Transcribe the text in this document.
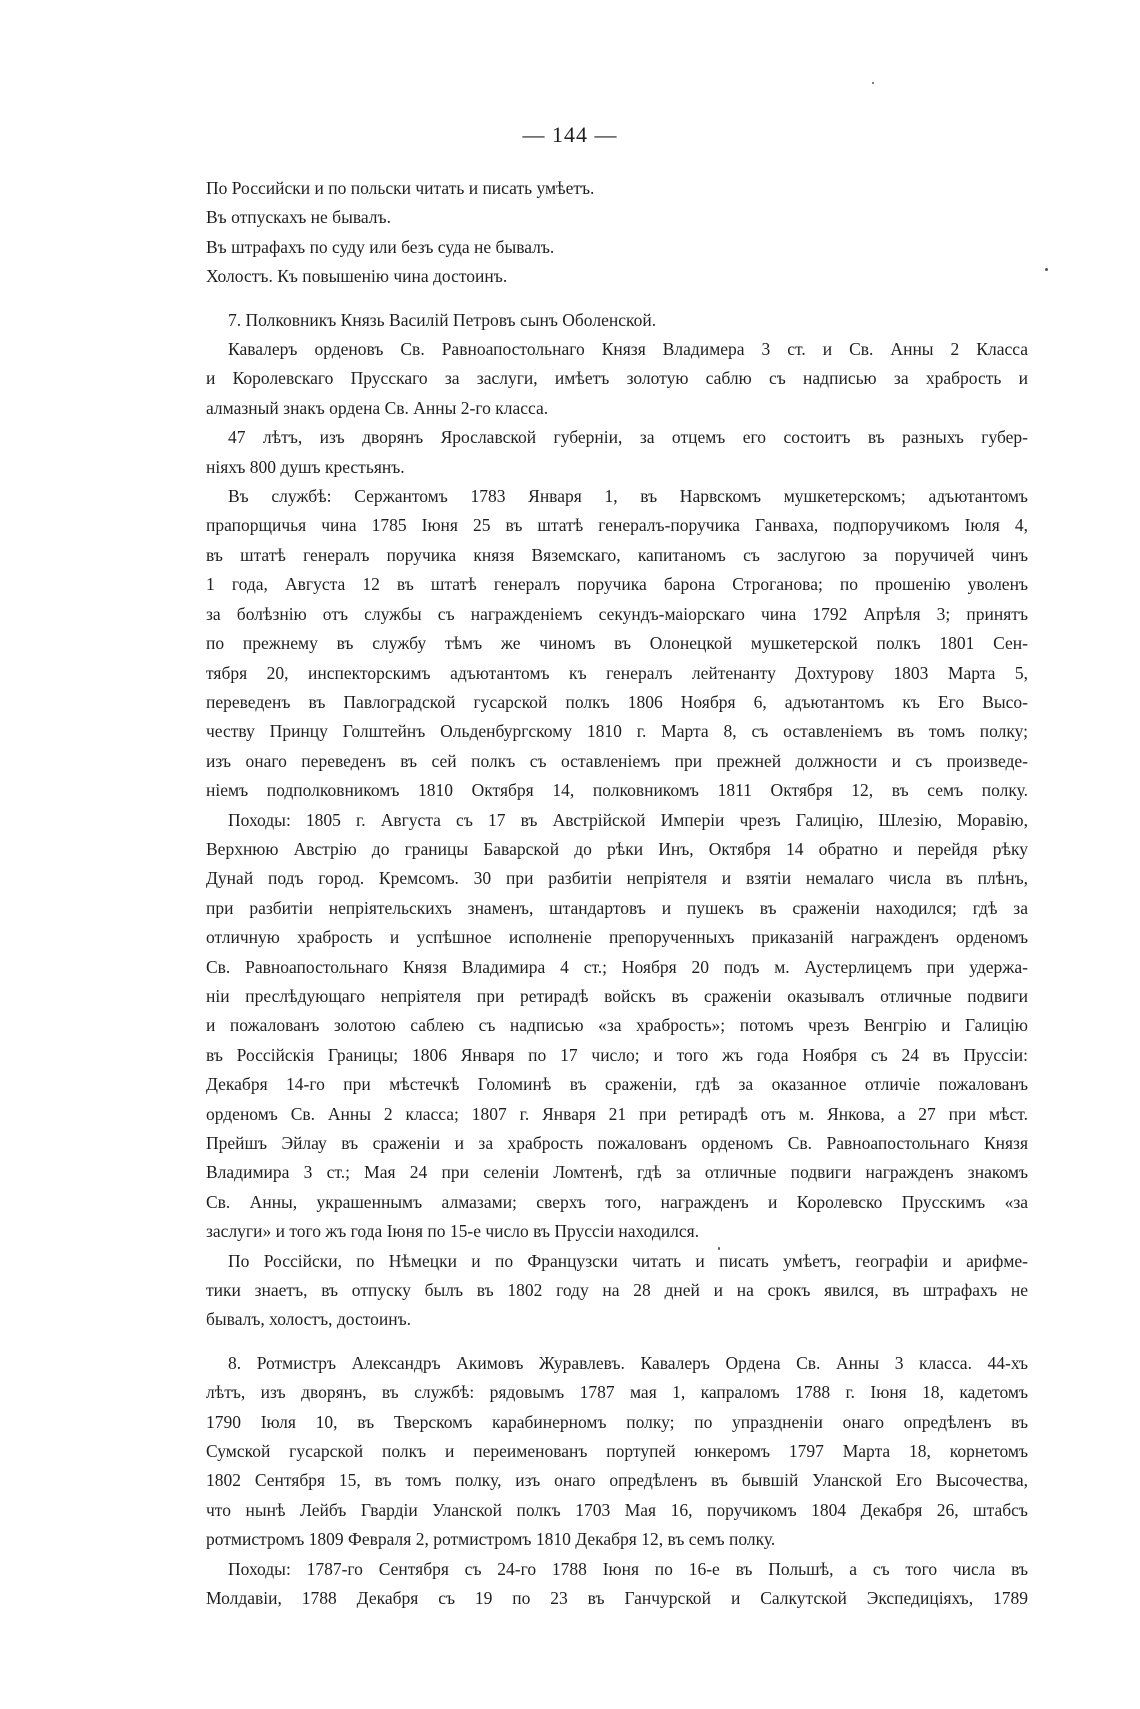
— 144 —
По Российски и по польски читать и писать умѣетъ.
Въ отпускахъ не бывалъ.
Въ штрафахъ по суду или безъ суда не бывалъ.
Холостъ. Къ повышенію чина достоинъ.
7. Полковникъ Князь Василій Петровъ сынъ Оболенской.
Кавалеръ орденовъ Св. Равноапостольнаго Князя Владимера 3 ст. и Св. Анны 2 Класса
и Королевскаго Прусскаго за заслуги, имѣетъ золотую саблю съ надписью за храбрость и
алмазный знакъ ордена Св. Анны 2-го класса.
47 лѣтъ, изъ дворянъ Ярославской губерніи, за отцемъ его состоитъ въ разныхъ губер-
ніяхъ 800 душъ крестьянъ.
Въ службѣ: Сержантомъ 1783 Января 1, въ Нарвскомъ мушкетерскомъ; адъютантомъ
прапорщичья чина 1785 Іюня 25 въ штатѣ генералъ-поручика Ганваха, подпоручикомъ Іюля 4,
въ штатѣ генералъ поручика князя Вяземскаго, капитаномъ съ заслугою за поручичей чинъ
1 года, Августа 12 въ штатѣ генералъ поручика барона Строганова; по прошенію уволенъ
за болѣзнію отъ службы съ награжденіемъ секундъ-маіорскаго чина 1792 Апрѣля 3; принятъ
по прежнему въ службу тѣмъ же чиномъ въ Олонецкой мушкетерской полкъ 1801 Сен-
тября 20, инспекторскимъ адъютантомъ къ генералъ лейтенанту Дохтурову 1803 Марта 5,
переведенъ въ Павлоградской гусарской полкъ 1806 Ноября 6, адъютантомъ къ Его Высо-
честву Принцу Голштейнъ Ольденбургскому 1810 г. Марта 8, съ оставленіемъ въ томъ полку;
изъ онаго переведенъ въ сей полкъ съ оставленіемъ при прежней должности и съ произведе-
ніемъ подполковникомъ 1810 Октября 14, полковникомъ 1811 Октября 12, въ семъ полку.
Походы: 1805 г. Августа съ 17 въ Австрійской Имперіи чрезъ Галицію, Шлезію, Моравію,
Верхнюю Австрію до границы Баварской до рѣки Инъ, Октября 14 обратно и перейдя рѣку
Дунай подъ город. Кремсомъ. 30 при разбитіи непріятеля и взятіи немалаго числа въ плѣнъ,
при разбитіи непріятельскихъ знаменъ, штандартовъ и пушекъ въ сраженіи находился; гдѣ за
отличную храбрость и успѣшное исполненіе препорученныхъ приказаній награжденъ орденомъ
Св. Равноапостольнаго Князя Владимира 4 ст.; Ноября 20 подъ м. Аустерлицемъ при удержа-
ніи преслѣдующаго непріятеля при ретирадѣ войскъ въ сраженіи оказывалъ отличные подвиги
и пожалованъ золотою саблею съ надписью «за храбрость»; потомъ чрезъ Венгрію и Галицію
въ Россійскія Границы; 1806 Января по 17 число; и того жъ года Ноября съ 24 въ Пруссіи:
Декабря 14-го при мѣстечкѣ Голоминѣ въ сраженіи, гдѣ за оказанное отличіе пожалованъ
орденомъ Св. Анны 2 класса; 1807 г. Января 21 при ретирадѣ отъ м. Янкова, а 27 при мѣст.
Прейшъ Эйлау въ сраженіи и за храбрость пожалованъ орденомъ Св. Равноапостольнаго Князя
Владимира 3 ст.; Мая 24 при селеніи Ломтенѣ, гдѣ за отличные подвиги награжденъ знакомъ
Св. Анны, украшеннымъ алмазами; сверхъ того, награжденъ и Королевско Прусскимъ «за
заслуги» и того жъ года Іюня по 15-е число въ Пруссіи находился.
По Россійски, по Нѣмецки и по Французски читать и писать умѣетъ, географіи и арифме-
тики знаетъ, въ отпуску былъ въ 1802 году на 28 дней и на срокъ явился, въ штрафахъ не
бывалъ, холостъ, достоинъ.
8. Ротмистръ Александръ Акимовъ Журавлевъ. Кавалеръ Ордена Св. Анны 3 класса. 44-хъ
лѣтъ, изъ дворянъ, въ службѣ: рядовымъ 1787 мая 1, капраломъ 1788 г. Іюня 18, кадетомъ
1790 Іюля 10, въ Тверскомъ карабинерномъ полку; по упраздненіи онаго опредѣленъ въ
Сумской гусарской полкъ и переименованъ портупей юнкеромъ 1797 Марта 18, корнетомъ
1802 Сентября 15, въ томъ полку, изъ онаго опредѣленъ въ бывшій Уланской Его Высочества,
что нынѣ Лейбъ Гвардіи Уланской полкъ 1703 Мая 16, поручикомъ 1804 Декабря 26, штабсъ
ротмистромъ 1809 Февраля 2, ротмистромъ 1810 Декабря 12, въ семъ полку.
Походы: 1787-го Сентября съ 24-го 1788 Іюня по 16-е въ Польшѣ, а съ того числа въ
Молдавіи, 1788 Декабря съ 19 по 23 въ Ганчурской и Салкутской Экспедиціяхъ, 1789
